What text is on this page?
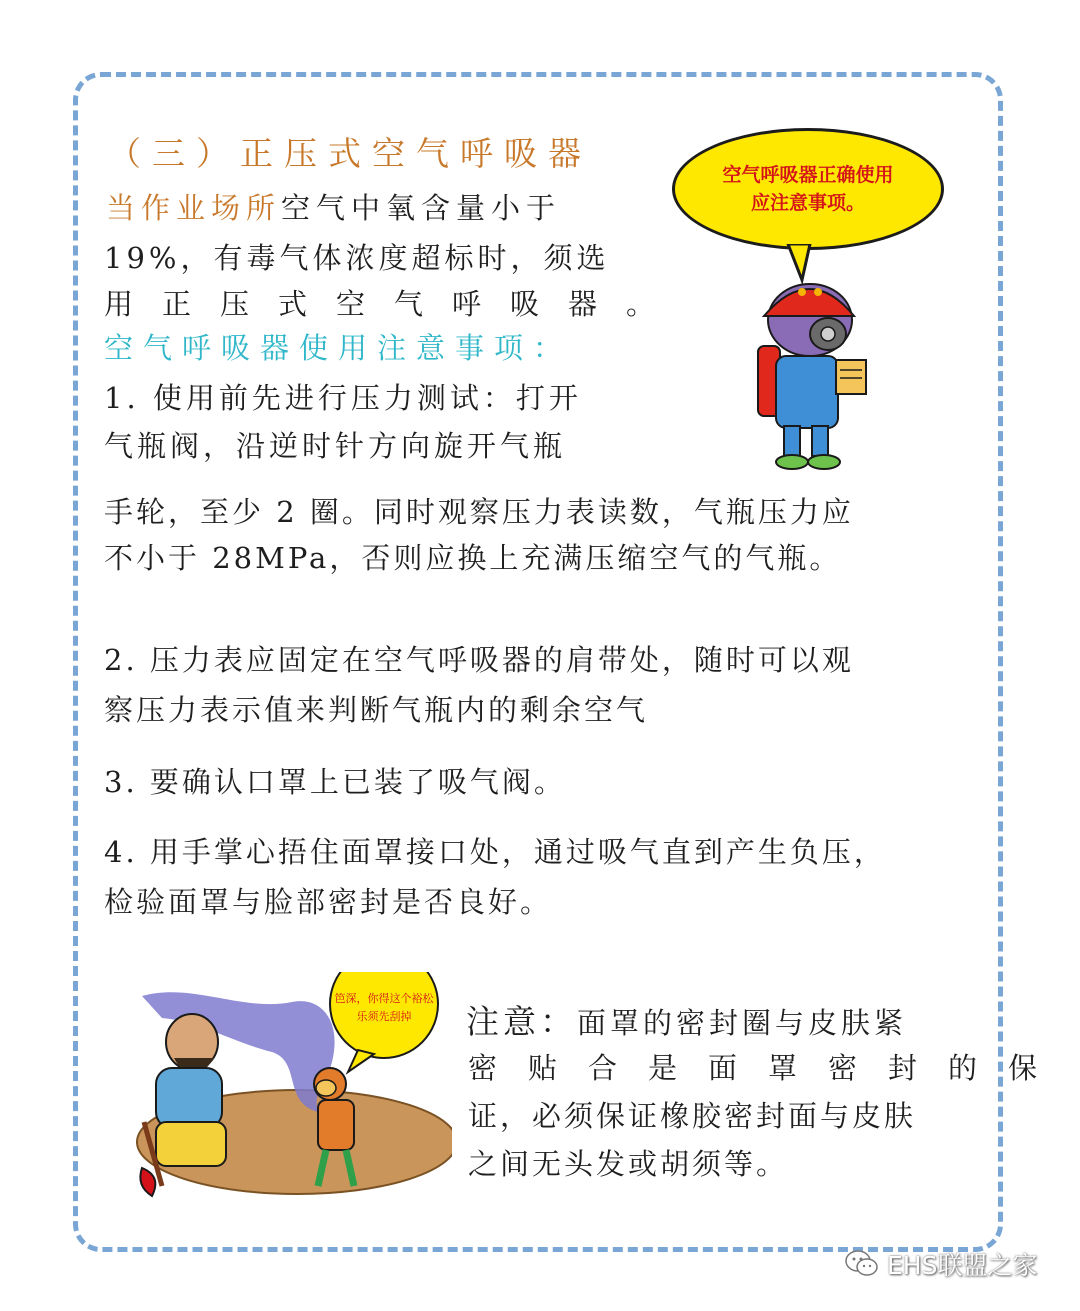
（三）正压式空气呼吸器
当作业场所空气中氧含量小于
19%，有毒气体浓度超标时，须选
用　正　压　式　空　气　呼　吸　器　。
空气呼吸器使用注意事项：
空气呼吸器正确使用
应注意事项。
1. 使用前先进行压力测试：打开
气瓶阀，沿逆时针方向旋开气瓶
手轮，至少 2 圈。同时观察压力表读数，气瓶压力应
不小于 28MPa，否则应换上充满压缩空气的气瓶。
2. 压力表应固定在空气呼吸器的肩带处，随时可以观
察压力表示值来判断气瓶内的剩余空气
3. 要确认口罩上已装了吸气阀。
4. 用手掌心捂住面罩接口处，通过吸气直到产生负压，
检验面罩与脸部密封是否良好。
笆深，你得这个裕松
乐须先刮掉 注意：面罩的密封圈与皮肤紧
密　贴　合　是　面　罩　密　封　的　保
证，必须保证橡胶密封面与皮肤
之间无头发或胡须等。
EHS联盟之家
